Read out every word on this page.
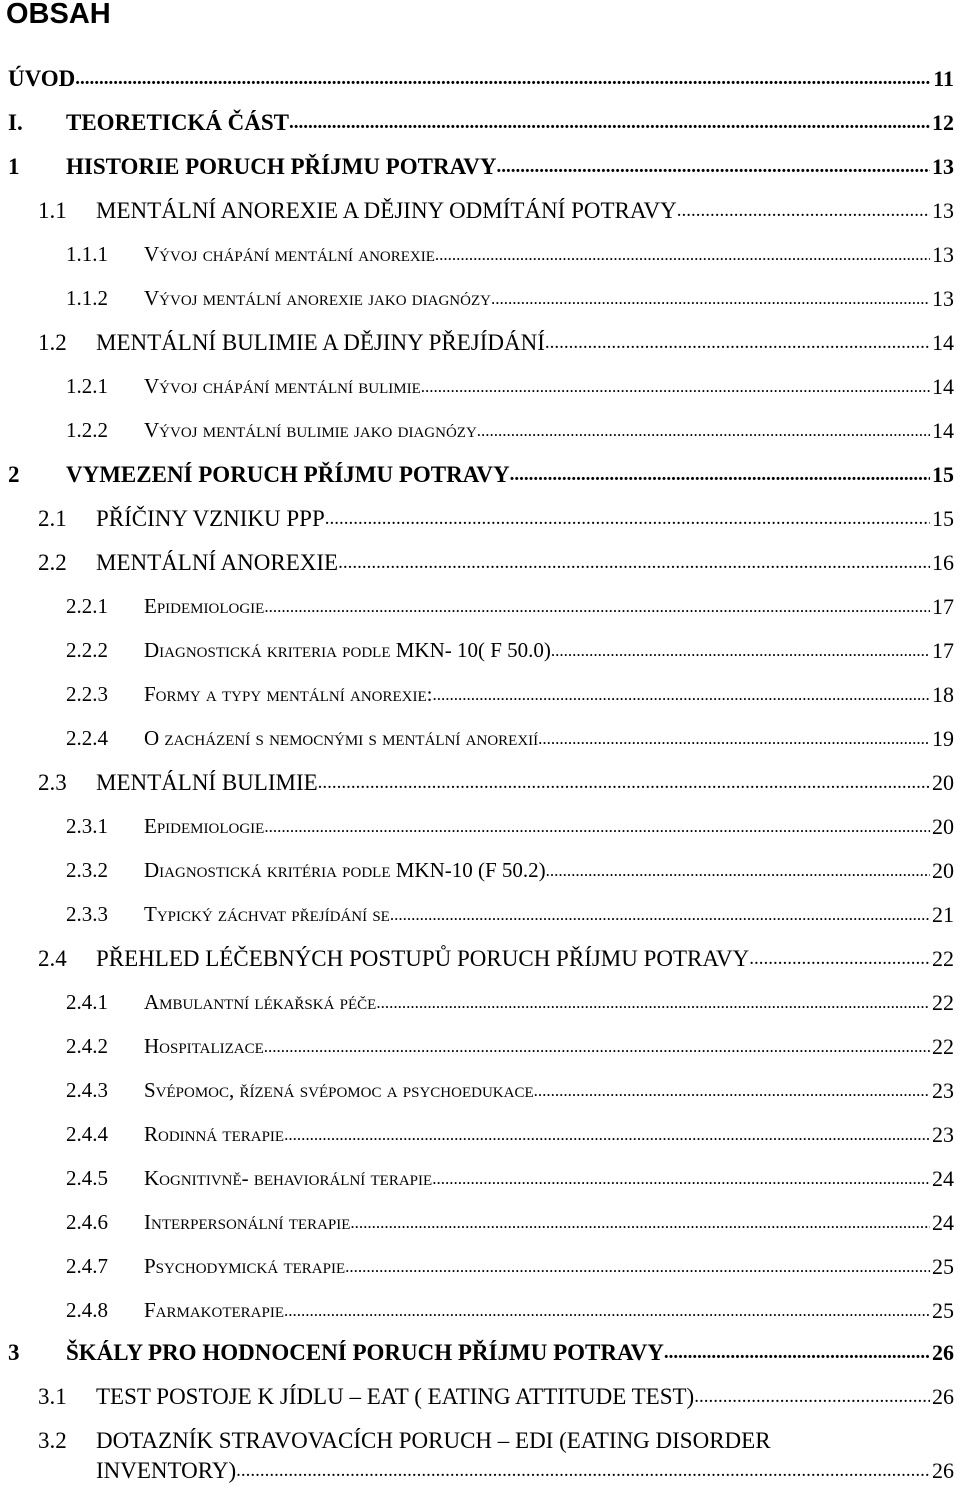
OBSAH
ÚVOD .....	11
I. TEORETICKÁ ČÁST .....	12
1 HISTORIE PORUCH PŘÍJMU POTRAVY .....	13
1.1 MENTÁLNÍ ANOREXIE A DĚJINY ODMÍTÁNÍ POTRAVY .....	13
1.1.1 Vývoj chápání mentální anorexie .....	13
1.1.2 Vývoj mentální anorexie jako diagnózy .....	13
1.2 MENTÁLNÍ BULIMIE A DĚJINY PŘEJÍDÁNÍ .....	14
1.2.1 Vývoj chápání mentální bulimie .....	14
1.2.2 Vývoj mentální bulimie jako diagnózy .....	14
2 VYMEZENÍ PORUCH PŘÍJMU POTRAVY .....	15
2.1 PŘÍČINY VZNIKU PPP .....	15
2.2 MENTÁLNÍ ANOREXIE .....	16
2.2.1 Epidemiologie .....	17
2.2.2 Diagnostická kriteria podle MKN- 10( F 50.0) .....	17
2.2.3 Formy a typy mentální anorexie: .....	18
2.2.4 O zacházení s nemocnými s mentální anorexií .....	19
2.3 MENTÁLNÍ BULIMIE .....	20
2.3.1 Epidemiologie .....	20
2.3.2 Diagnostická kritéria podle MKN-10 (F 50.2) .....	20
2.3.3 Typický záchvat přejídání se .....	21
2.4 PŘEHLED LÉČEBNÝCH POSTUPŮ PORUCH PŘÍJMU POTRAVY .....	22
2.4.1 Ambulantní lékařská péče .....	22
2.4.2 Hospitalizace .....	22
2.4.3 Svépomoc, řízená svépomoc a psychoedukace .....	23
2.4.4 Rodinná terapie .....	23
2.4.5 Kognitivně- behaviorální terapie .....	24
2.4.6 Interpersonální terapie .....	24
2.4.7 Psychodymická terapie .....	25
2.4.8 Farmakoterapie .....	25
3 ŠKÁLY PRO HODNOCENÍ PORUCH PŘÍJMU POTRAVY .....	26
3.1 TEST POSTOJE K JÍDLU – EAT ( EATING ATTITUDE TEST) .....	26
3.2 DOTAZNÍK STRAVOVACÍCH PORUCH – EDI (EATING DISORDER
INVENTORY) .....	26
